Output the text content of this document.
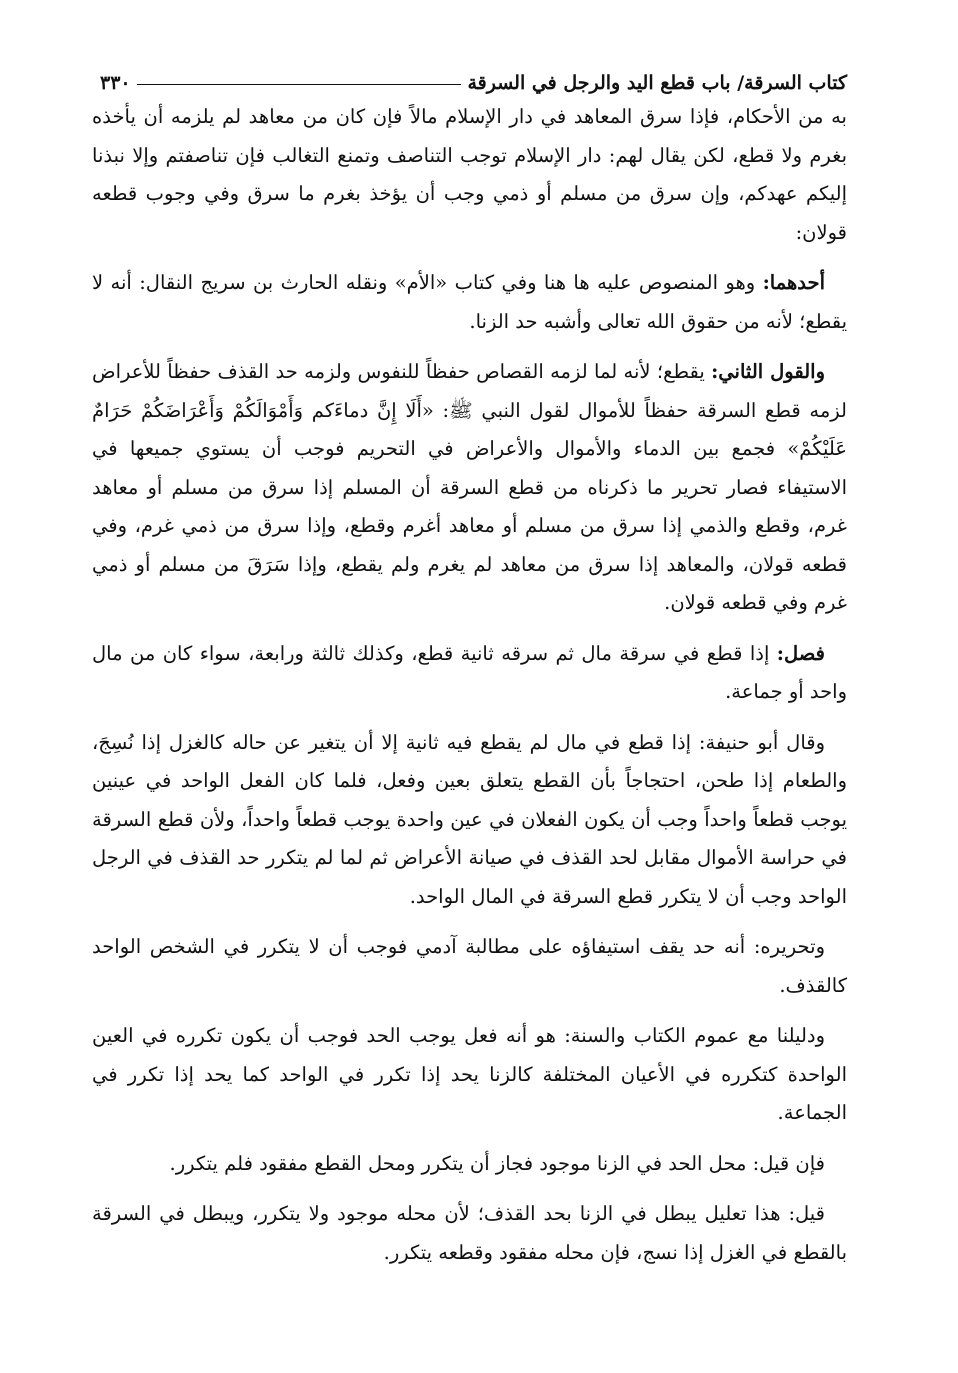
كتاب السرقة/ باب قطع اليد والرجل في السرقة
٣٣٠

به من الأحكام، فإذا سرق المعاهد في دار الإسلام مالاً فإن كان من معاهد لم يلزمه أن يأخذه بغرم ولا قطع، لكن يقال لهم: دار الإسلام توجب التناصف وتمنع التغالب فإن تناصفتم وإلا نبذنا إليكم عهدكم، وإن سرق من مسلم أو ذمي وجب أن يؤخذ بغرم ما سرق وفي وجوب قطعه قولان:

أحدهما: وهو المنصوص عليه ها هنا وفي كتاب «الأم» ونقله الحارث بن سريج النقال: أنه لا يقطع؛ لأنه من حقوق الله تعالى وأشبه حد الزنا.

والقول الثاني: يقطع؛ لأنه لما لزمه القصاص حفظاً للنفوس ولزمه حد القذف حفظاً للأعراض لزمه قطع السرقة حفظاً للأموال لقول النبي ﷺ: «أَلَا إِنَّ دماءَكم وَأَمْوَالَكُمْ وَأَعْرَاضَكُمْ حَرَامٌ عَلَيْكُمْ» فجمع بين الدماء والأموال والأعراض في التحريم فوجب أن يستوي جميعها في الاستيفاء فصار تحرير ما ذكرناه من قطع السرقة أن المسلم إذا سرق من مسلم أو معاهد غرم، وقطع والذمي إذا سرق من مسلم أو معاهد أغرم وقطع، وإذا سرق من ذمي غرم، وفي قطعه قولان، والمعاهد إذا سرق من معاهد لم يغرم ولم يقطع، وإذا سَرَقَ من مسلم أو ذمي غرم وفي قطعه قولان.

فصل: إذا قطع في سرقة مال ثم سرقه ثانية قطع، وكذلك ثالثة ورابعة، سواء كان من مال واحد أو جماعة.

وقال أبو حنيفة: إذا قطع في مال لم يقطع فيه ثانية إلا أن يتغير عن حاله كالغزل إذا نُسِجَ، والطعام إذا طحن، احتجاجاً بأن القطع يتعلق بعين وفعل، فلما كان الفعل الواحد في عينين يوجب قطعاً واحداً وجب أن يكون الفعلان في عين واحدة يوجب قطعاً واحداً، ولأن قطع السرقة في حراسة الأموال مقابل لحد القذف في صيانة الأعراض ثم لما لم يتكرر حد القذف في الرجل الواحد وجب أن لا يتكرر قطع السرقة في المال الواحد.

وتحريره: أنه حد يقف استيفاؤه على مطالبة آدمي فوجب أن لا يتكرر في الشخص الواحد كالقذف.

ودليلنا مع عموم الكتاب والسنة: هو أنه فعل يوجب الحد فوجب أن يكون تكرره في العين الواحدة كتكرره في الأعيان المختلفة كالزنا يحد إذا تكرر في الواحد كما يحد إذا تكرر في الجماعة.

فإن قيل: محل الحد في الزنا موجود فجاز أن يتكرر ومحل القطع مفقود فلم يتكرر.

قيل: هذا تعليل يبطل في الزنا بحد القذف؛ لأن محله موجود ولا يتكرر، ويبطل في السرقة بالقطع في الغزل إذا نسج، فإن محله مفقود وقطعه يتكرر.
